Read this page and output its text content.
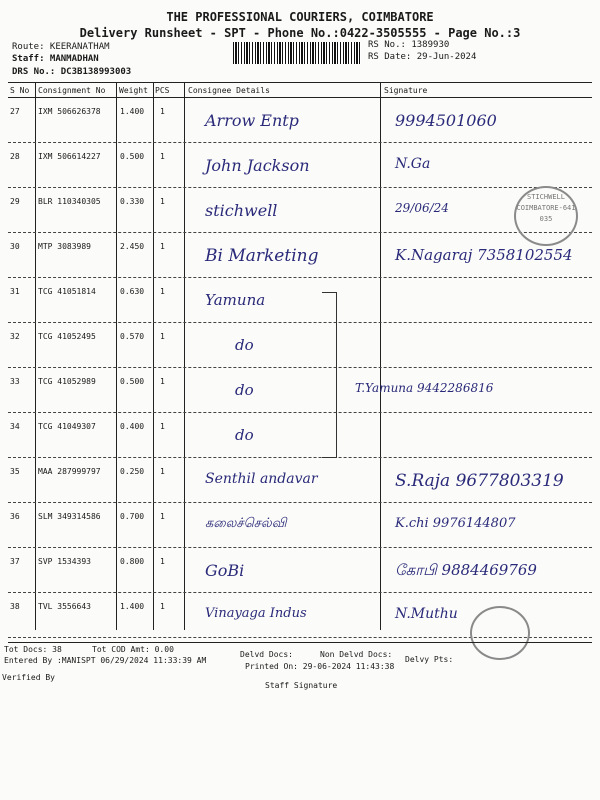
THE PROFESSIONAL COURIERS, COIMBATORE
Delivery Runsheet - SPT - Phone No.:0422-3505555 - Page No.:3
Route: KEERANATHAM
Staff: MANMADHAN
DRS No.: DC3B138993003
RS No.: 1389930
RS Date: 29-Jun-2024
S No Consignment No Weight PCS Consignee Details	Signature
27 IXM 506626378 1.400 1	Arrow Entp	9994501060
28 IXM 506614227 0.500 1	John Jackson	N.Ga
29 BLR 110340305 0.330 1	stichwell	29/06/24
30 MTP 3083989	2.450 1 Bi Marketing	K.Nagaraj 7358102554
31 TCG 41051814	0.630 1	Yamuna
32 TCG 41052495	0.570 1	do
33 TCG 41052989	0.500 1	do	T.Yamuna 9442286816
34 TCG 41049307	0.400 1	do
35 MAA 287999797 0.250 1	Senthil andavar	S.Raja 9677803319
36 SLM 349314586 0.700 1	கலைச்செல்வி	K.chi 9976144807
37 SVP 1534393	0.800 1	GoBi	கோபி 9884469769
38 TVL 3556643	1.400 1	Vinayaga Indus	N.Muthu
STICHWELL COIMBATORE-641 035
Tot Docs: 38	Tot COD Amt: 0.00
Delvd Docs:	Non Delvd Docs:
Delvy Pts:
Entered By :MANISPT 06/29/2024 11:33:39 AM
Printed On: 29-06-2024 11:43:38
Verified By
Staff Signature
